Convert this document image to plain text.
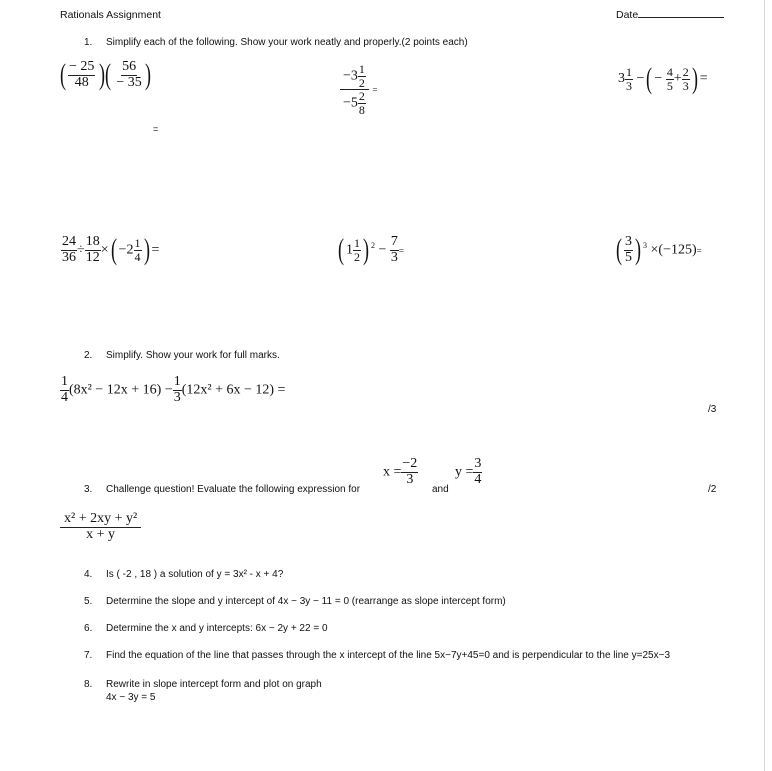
Rationals Assignment	Date
1. Simplify each of the following. Show your work neatly and properly.(2 points each)
( $\frac{- 25}{48}$ )( $\frac{56}{- 35}$ )
=
$\frac{-3 \frac{1}{2}}{-5 \frac{2}{8}}$ =
$3 \frac{1}{3}$ −( − $\frac{4}{5} + \frac{2}{3}$ ) =
$\frac{24}{36} \div \frac{18}{12}$ ×( $-2 \frac{1}{4}$ ) =	( $1 \frac{1}{2}$ ) $^2 - \frac{7}{3}$ =	( $\frac{3}{5}$ ) $^3$ ×(−125)=
2. Simplify. Show your work for full marks.
$\frac{1}{4} (8x^2 - 12x + 16) - \frac{1}{3} (12x^2 + 6x - 12)$ =
/3
3. Challenge question! Evaluate the following expression for
$x = \frac{-2}{3}$
and
$y = \frac{3}{4}$
/2
$\frac{\text{x² + 2xy + y²}}{x + y}$
4. Is ( -2 , 18 ) a solution of y = 3x² - x + 4?
5. Determine the slope and y intercept of 4x − 3y − 11 = 0 (rearrange as slope intercept form)
6. Determine the x and y intercepts: 6x − 2y + 22 = 0
7. Find the equation of the line that passes through the x intercept of the line 5x−7y+45=0 and is perpendicular to the line y=25x−3
8. Rewrite in slope intercept form and plot on graph
4x − 3y = 5
